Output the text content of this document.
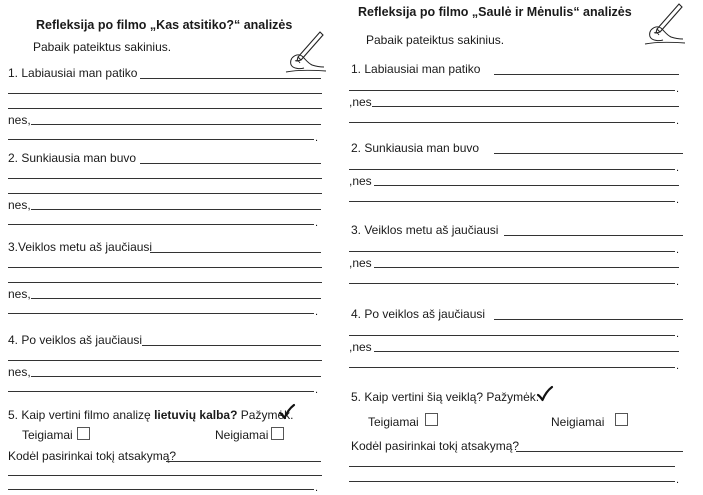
Refleksija po filmo „Kas atsitiko?“ analizės
Pabaik pateiktus sakinius.
1. Labiausiai man patiko
nes,
.
2. Sunkiausia man buvo
nes,
.
3.Veiklos metu aš jaučiausi
nes,
.
4. Po veiklos aš jaučiausi
nes,
.
5. Kaip vertini filmo analizę lietuvių kalba? Pažymėk.
Teigiamai	Neigiamai
Kodėl pasirinkai tokį atsakymą?
.
Refleksija po filmo „Saulė ir Mėnulis“ analizės
Pabaik pateiktus sakinius.
1. Labiausiai man patiko
.
,nes
.
2. Sunkiausia man buvo
.
,nes
.
3. Veiklos metu aš jaučiausi
.
,nes
.
4. Po veiklos aš jaučiausi
.
,nes
.
5. Kaip vertini šią veiklą? Pažymėk.
Teigiamai	Neigiamai
Kodėl pasirinkai tokį atsakymą?
.
